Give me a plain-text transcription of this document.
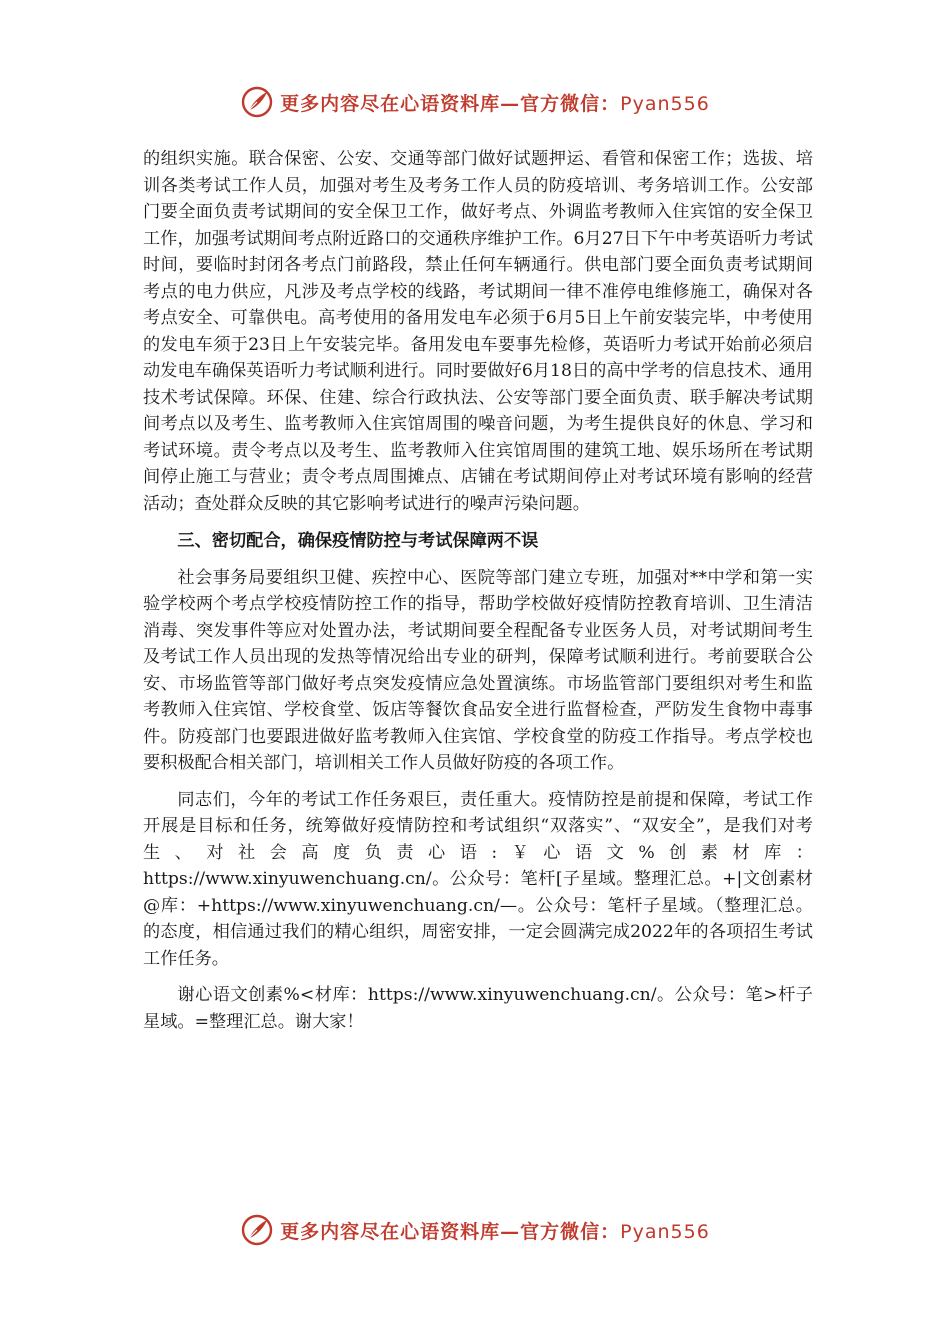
更多内容尽在心语资料库—官方微信：Pyan556

的组织实施。联合保密、公安、交通等部门做好试题押运、看管和保密工作；选拔、培训各类考试工作人员，加强对考生及考务工作人员的防疫培训、考务培训工作。公安部门要全面负责考试期间的安全保卫工作，做好考点、外调监考教师入住宾馆的安全保卫工作，加强考试期间考点附近路口的交通秩序维护工作。6月27日下午中考英语听力考试时间，要临时封闭各考点门前路段，禁止任何车辆通行。供电部门要全面负责考试期间考点的电力供应，凡涉及考点学校的线路，考试期间一律不准停电维修施工，确保对各考点安全、可靠供电。高考使用的备用发电车必须于6月5日上午前安装完毕，中考使用的发电车须于23日上午安装完毕。备用发电车要事先检修，英语听力考试开始前必须启动发电车确保英语听力考试顺利进行。同时要做好6月18日的高中学考的信息技术、通用技术考试保障。环保、住建、综合行政执法、公安等部门要全面负责、联手解决考试期间考点以及考生、监考教师入住宾馆周围的噪音问题，为考生提供良好的休息、学习和考试环境。责令考点以及考生、监考教师入住宾馆周围的建筑工地、娱乐场所在考试期间停止施工与营业；责令考点周围摊点、店铺在考试期间停止对考试环境有影响的经营活动；查处群众反映的其它影响考试进行的噪声污染问题。

三、密切配合，确保疫情防控与考试保障两不误

社会事务局要组织卫健、疾控中心、医院等部门建立专班，加强对**中学和第一实验学校两个考点学校疫情防控工作的指导，帮助学校做好疫情防控教育培训、卫生清洁消毒、突发事件等应对处置办法，考试期间要全程配备专业医务人员，对考试期间考生及考试工作人员出现的发热等情况给出专业的研判，保障考试顺利进行。考前要联合公安、市场监管等部门做好考点突发疫情应急处置演练。市场监管部门要组织对考生和监考教师入住宾馆、学校食堂、饭店等餐饮食品安全进行监督检查，严防发生食物中毒事件。防疫部门也要跟进做好监考教师入住宾馆、学校食堂的防疫工作指导。考点学校也要积极配合相关部门，培训相关工作人员做好防疫的各项工作。

同志们，今年的考试工作任务艰巨，责任重大。疫情防控是前提和保障，考试工作开展是目标和任务，统筹做好疫情防控和考试组织“双落实”、“双安全”，是我们对考生、对社会高度负责心语:￥心语文%创素材库：https://www.xinyuwenchuang.cn/。公众号：笔杆[子星域。整理汇总。+|文创素材@库：+https://www.xinyuwenchuang.cn/—。公众号：笔杆子星域。（整理汇总。的态度，相信通过我们的精心组织，周密安排，一定会圆满完成2022年的各项招生考试工作任务。

谢心语文创素%<材库：https://www.xinyuwenchuang.cn/。公众号：笔>杆子星域。=整理汇总。谢大家！

更多内容尽在心语资料库—官方微信：Pyan556
